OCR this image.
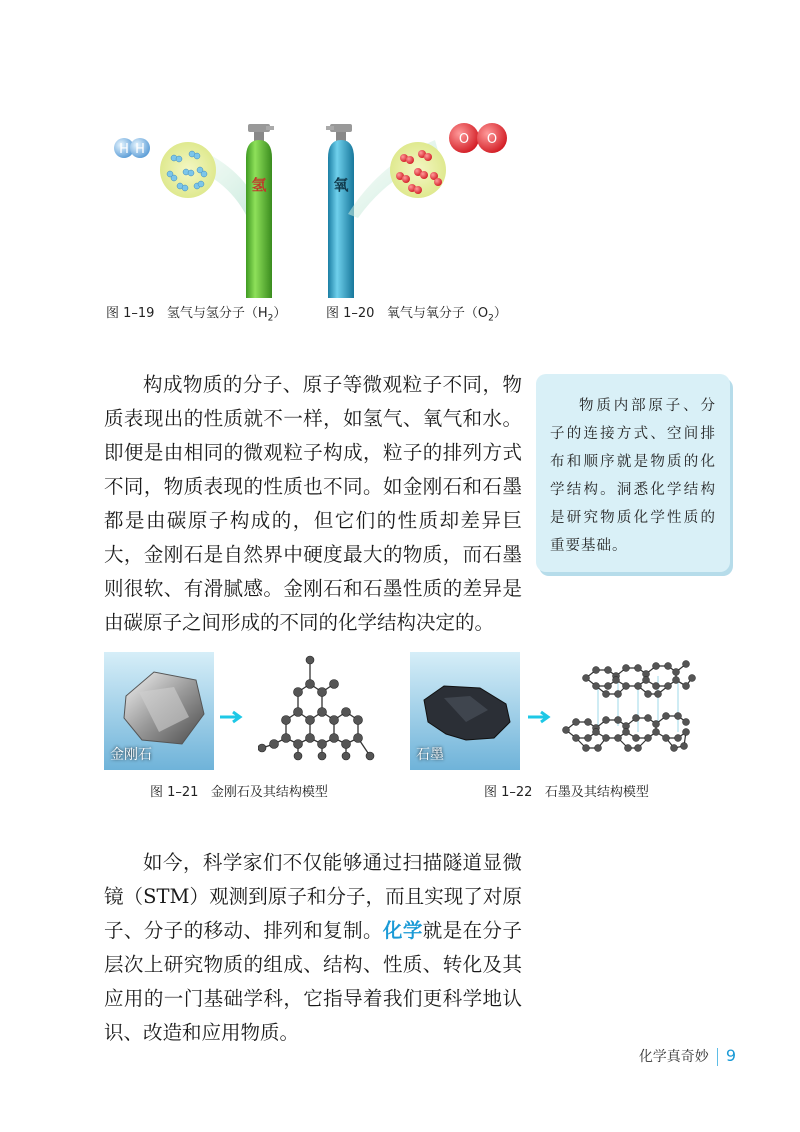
H H
氢	氧
O O
图 1–19 氢气与氢分子$(H_2)$	图 1–20 氧气与氧分子$(O_2)$

构成物质的分子、原子等微观粒子不同，物质表现出的性质就不一样，如氢气、氧气和水。即便是由相同的微观粒子构成，粒子的排列方式不同，物质表现的性质也不同。如金刚石和石墨都是由碳原子构成的，但它们的性质却差异巨大，金刚石是自然界中硬度最大的物质，而石墨则很软、有滑腻感。金刚石和石墨性质的差异是由碳原子之间形成的不同的化学结构决定的。

物质内部原子、分子的连接方式、空间排布和顺序就是物质的化学结构。洞悉化学结构是研究物质化学性质的重要基础。
金刚石
图 1–21 金刚石及其结构模型
石墨
图 1–22 石墨及其结构模型

如今，科学家们不仅能够通过扫描隧道显微镜（STM）观测到原子和分子，而且实现了对原子、分子的移动、排列和复制。化学就是在分子层次上研究物质的组成、结构、性质、转化及其应用的一门基础学科，它指导着我们更科学地认识、改造和应用物质。

化学真奇妙 9
